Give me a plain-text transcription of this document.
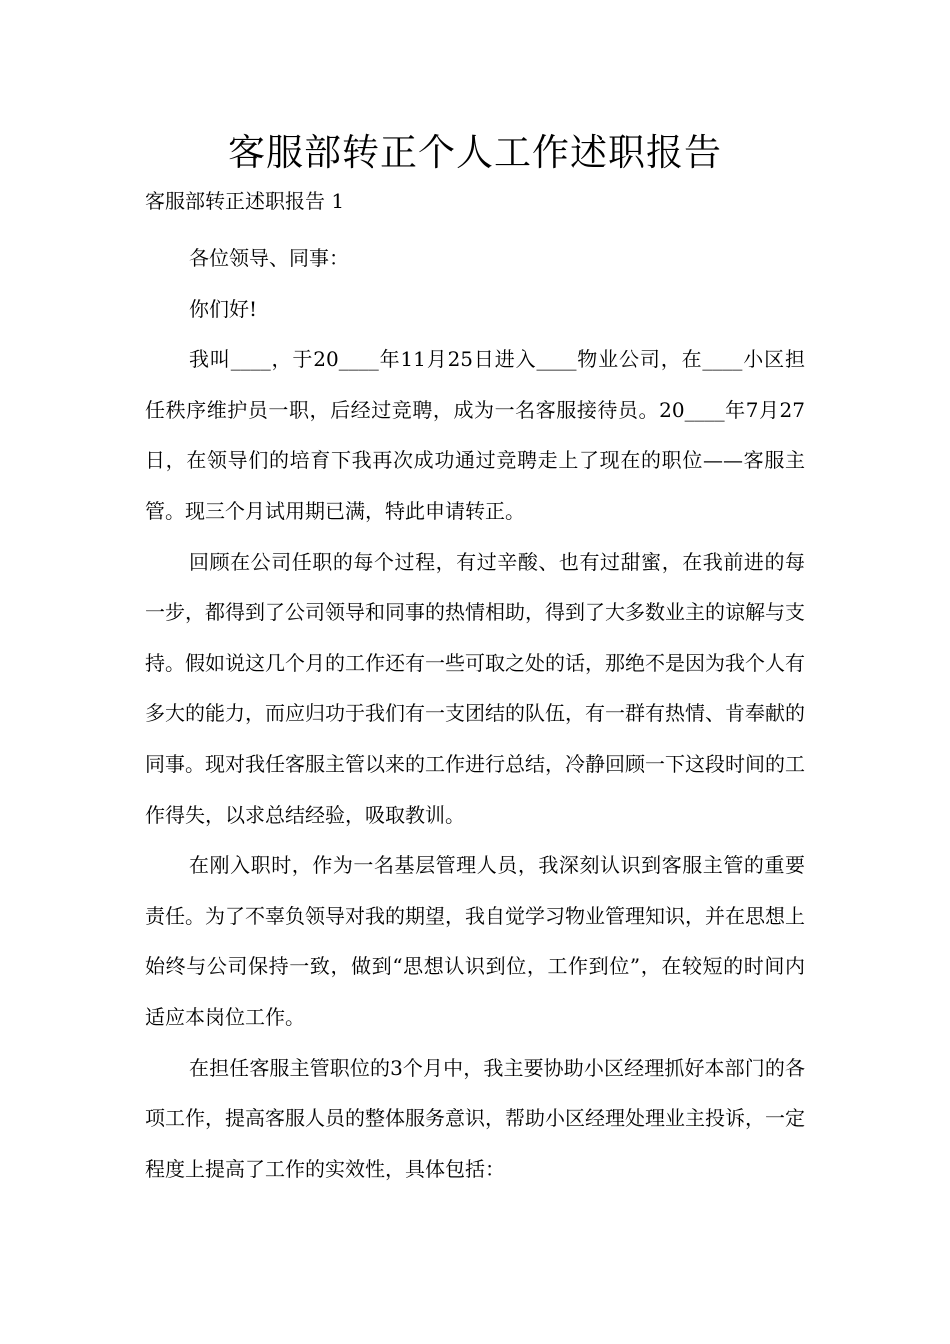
客服部转正个人工作述职报告

客服部转正述职报告 1

各位领导、同事：

你们好!

我叫____，于20____年11月25日进入____物业公司，在____小区担任秩序维护员一职，后经过竞聘，成为一名客服接待员。20____年7月27日，在领导们的培育下我再次成功通过竞聘走上了现在的职位——客服主管。现三个月试用期已满，特此申请转正。

回顾在公司任职的每个过程，有过辛酸、也有过甜蜜，在我前进的每一步，都得到了公司领导和同事的热情相助，得到了大多数业主的谅解与支持。假如说这几个月的工作还有一些可取之处的话，那绝不是因为我个人有多大的能力，而应归功于我们有一支团结的队伍，有一群有热情、肯奉献的同事。现对我任客服主管以来的工作进行总结，冷静回顾一下这段时间的工作得失，以求总结经验，吸取教训。

在刚入职时，作为一名基层管理人员，我深刻认识到客服主管的重要责任。为了不辜负领导对我的期望，我自觉学习物业管理知识，并在思想上始终与公司保持一致，做到“思想认识到位，工作到位”，在较短的时间内适应本岗位工作。

在担任客服主管职位的3个月中，我主要协助小区经理抓好本部门的各项工作，提高客服人员的整体服务意识，帮助小区经理处理业主投诉，一定程度上提高了工作的实效性，具体包括：
